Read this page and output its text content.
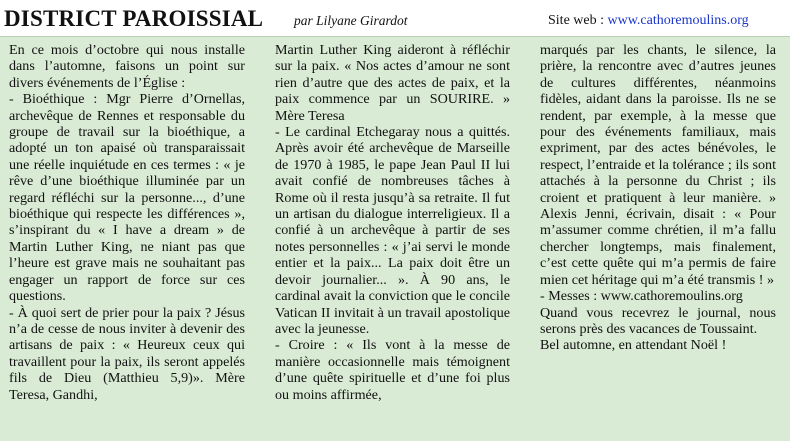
DISTRICT PAROISSIAL par Lilyane Girardot	Site web : www.cathoremoulins.org

En ce mois d’octobre qui nous installe dans l’automne, faisons un point sur divers événements de l’Église :

- Bioéthique : Mgr Pierre d’Ornellas, archevêque de Rennes et responsable du groupe de travail sur la bioéthique, a adopté un ton apaisé où transparaissait une réelle inquiétude en ces termes : « je rêve d’une bioéthique illuminée par un regard réfléchi sur la personne..., d’une bioéthique qui respecte les différences », s’inspirant du « I have a dream » de Martin Luther King, ne niant pas que l’heure est grave mais ne souhaitant pas engager un rapport de force sur ces questions.

- À quoi sert de prier pour la paix ? Jésus n’a de cesse de nous inviter à devenir des artisans de paix : « Heureux ceux qui travaillent pour la paix, ils seront appelés fils de Dieu (Matthieu 5,9)». Mère Teresa, Gandhi,

Martin Luther King aideront à réfléchir sur la paix. « Nos actes d’amour ne sont rien d’autre que des actes de paix, et la paix commence par un SOURIRE. » Mère Teresa

- Le cardinal Etchegaray nous a quittés. Après avoir été archevêque de Marseille de 1970 à 1985, le pape Jean Paul II lui avait confié de nombreuses tâches à Rome où il resta jusqu’à sa retraite. Il fut un artisan du dialogue interreligieux. Il a confié à un archevêque à partir de ses notes personnelles : « j’ai servi le monde entier et la paix... La paix doit être un devoir journalier... ». À 90 ans, le cardinal avait la conviction que le concile Vatican II invitait à un travail apostolique avec la jeunesse.

- Croire : « Ils vont à la messe de manière occasionnelle mais témoignent d’une quête spirituelle et d’une foi plus ou moins affirmée,

marqués par les chants, le silence, la prière, la rencontre avec d’autres jeunes de cultures différentes, néanmoins fidèles, aidant dans la paroisse. Ils ne se rendent, par exemple, à la messe que pour des événements familiaux, mais expriment, par des actes bénévoles, le respect, l’entraide et la tolérance ; ils sont attachés à la personne du Christ ; ils croient et pratiquent à leur manière. » Alexis Jenni, écrivain, disait : « Pour m’assumer comme chrétien, il m’a fallu chercher longtemps, mais finalement, c’est cette quête qui m’a permis de faire mien cet héritage qui m’a été transmis ! »

- Messes : www.cathoremoulins.org

Quand vous recevrez le journal, nous serons près des vacances de Toussaint.

Bel automne, en attendant Noël !
